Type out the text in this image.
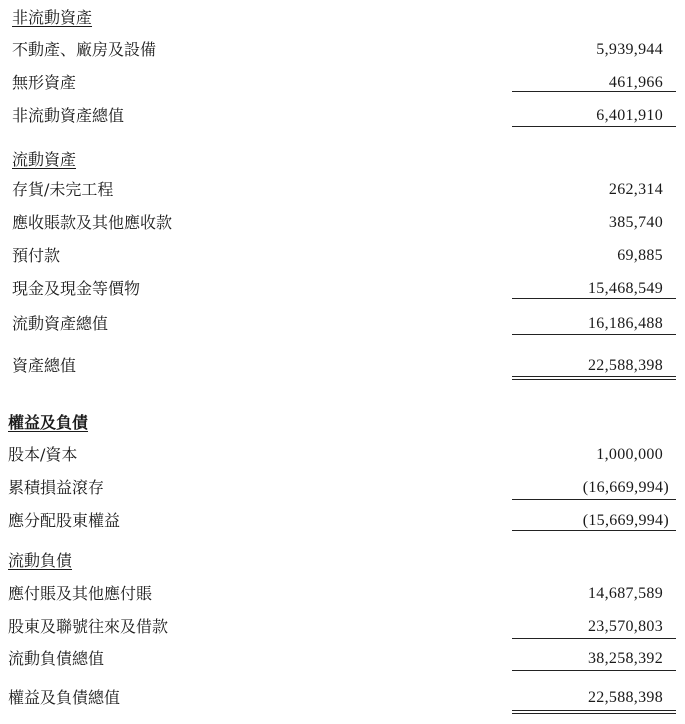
非流動資產
不動產、廠房及設備	5,939,944
無形資產	461,966
非流動資產總值	6,401,910
流動資產
存貨/未完工程	262,314
應收賬款及其他應收款	385,740
預付款	69,885
現金及現金等價物	15,468,549
流動資產總值	16,186,488
資產總值	22,588,398
權益及負債
股本/資本	1,000,000
累積損益滾存	(16,669,994)
應分配股東權益	(15,669,994)
流動負債
應付賬及其他應付賬	14,687,589
股東及聯號往來及借款	23,570,803
流動負債總值	38,258,392
權益及負債總值	22,588,398
